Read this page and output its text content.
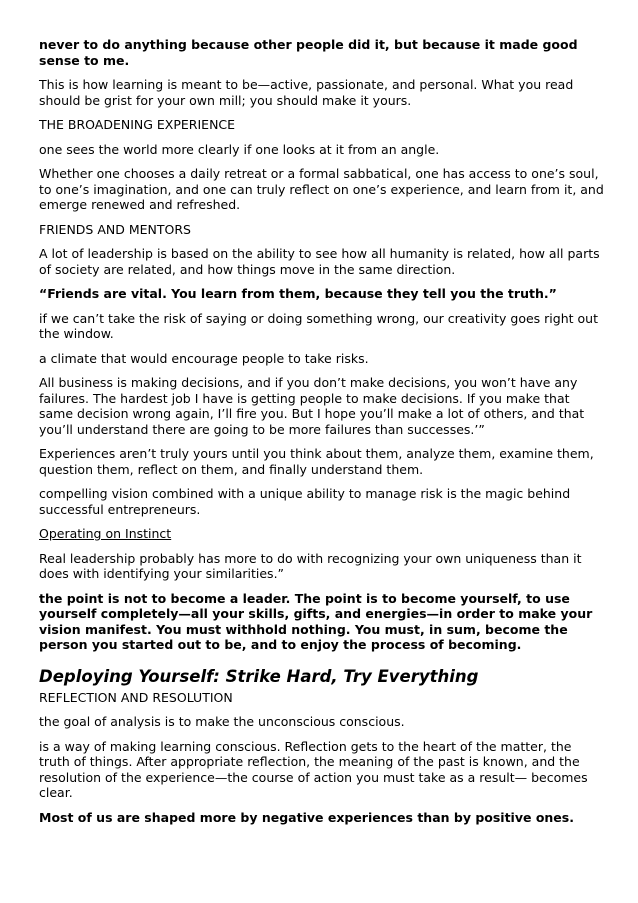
never to do anything because other people did it, but because it made good sense to me.

This is how learning is meant to be—active, passionate, and personal. What you read should be grist for your own mill; you should make it yours.

THE BROADENING EXPERIENCE

one sees the world more clearly if one looks at it from an angle.

Whether one chooses a daily retreat or a formal sabbatical, one has access to one’s soul, to one’s imagination, and one can truly reflect on one’s experience, and learn from it, and emerge renewed and refreshed.

FRIENDS AND MENTORS

A lot of leadership is based on the ability to see how all humanity is related, how all parts of society are related, and how things move in the same direction.

“Friends are vital. You learn from them, because they tell you the truth.”

if we can’t take the risk of saying or doing something wrong, our creativity goes right out the window.

a climate that would encourage people to take risks.

All business is making decisions, and if you don’t make decisions, you won’t have any failures. The hardest job I have is getting people to make decisions. If you make that same decision wrong again, I’ll fire you. But I hope you’ll make a lot of others, and that you’ll understand there are going to be more failures than successes.’”

Experiences aren’t truly yours until you think about them, analyze them, examine them, question them, reflect on them, and finally understand them.

compelling vision combined with a unique ability to manage risk is the magic behind successful entrepreneurs.

Operating on Instinct

Real leadership probably has more to do with recognizing your own uniqueness than it does with identifying your similarities.”

the point is not to become a leader. The point is to become yourself, to use yourself completely—all your skills, gifts, and energies—in order to make your vision manifest. You must withhold nothing. You must, in sum, become the person you started out to be, and to enjoy the process of becoming.

Deploying Yourself: Strike Hard, Try Everything

REFLECTION AND RESOLUTION

the goal of analysis is to make the unconscious conscious.

is a way of making learning conscious. Reflection gets to the heart of the matter, the truth of things. After appropriate reflection, the meaning of the past is known, and the resolution of the experience—the course of action you must take as a result— becomes clear.

Most of us are shaped more by negative experiences than by positive ones.
